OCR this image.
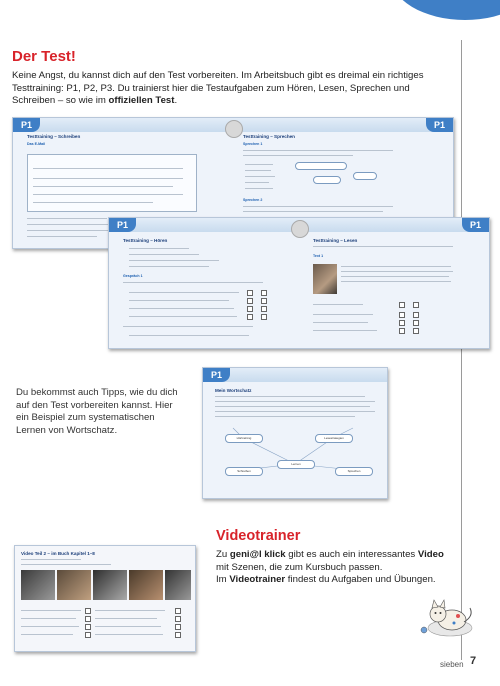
Der Test!

Keine Angst, du kannst dich auf den Test vorbereiten. Im Arbeitsbuch gibt es dreimal ein richtiges Testtraining: P1, P2, P3. Du trainierst hier die Testaufgaben zum Hören, Lesen, Sprechen und Schreiben – so wie im offiziellen Test.

P1	P1
Testtraining – Schreiben
Das E-Mail
Testtraining – Sprechen
Sprechen 1
Sprechen 2
P1	P1
Testtraining – Hören
Gespräch 1
Testtraining – Lesen
Text 1

Du bekommst auch Tipps, wie du dich auf den Test vorbereiten kannst. Hier ein Beispiel zum systematischen Lernen von Wortschatz.

P1
Mein Wortschatz
Hörtraining	Lesestrategien
Schreiben
Lernen
Sprechen
Video Teil 2 – im Buch Kapitel 1–8
Videotrainer

Zu geni@l klick gibt es auch ein interessantes Video mit Szenen, die zum Kursbuch passen.
Im Videotrainer findest du Aufgaben und Übungen.

sieben 7
